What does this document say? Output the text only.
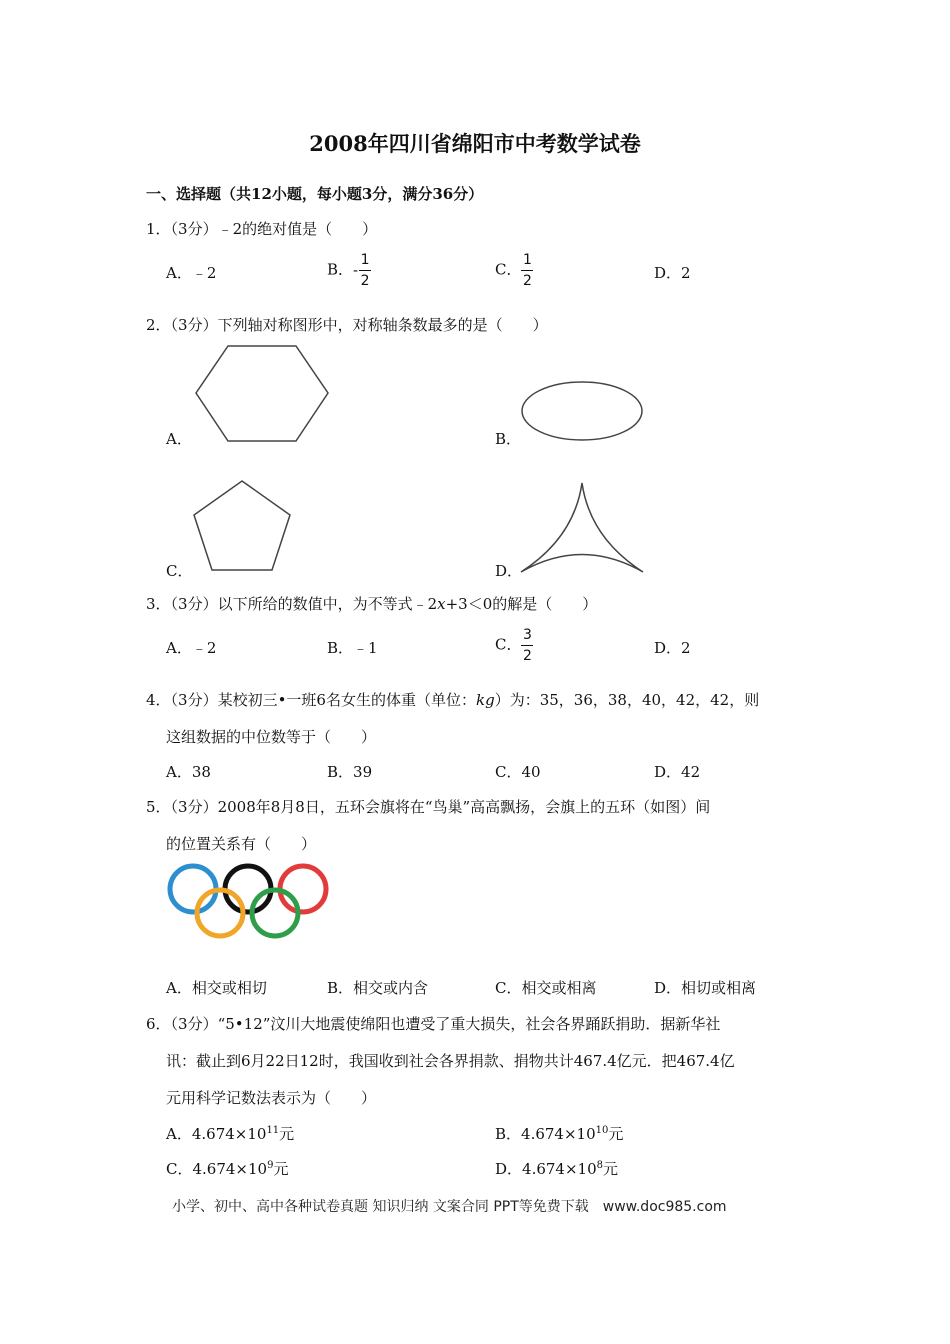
2008年四川省绵阳市中考数学试卷
一、选择题（共12小题，每小题3分，满分36分）
1．（3分）﹣2的绝对值是（　　）
A．﹣2	B．- $\frac{1}{2}$	C． $\frac{1}{2}$	D．2
2．（3分）下列轴对称图形中，对称轴条数最多的是（　　）
A．	B．
C．	D．
3．（3分）以下所给的数值中，为不等式﹣2x+3＜0的解是（　　）
A．﹣2	B．﹣1	C． $\frac{3}{2}$	D．2
4．（3分）某校初三•一班6名女生的体重（单位：kg）为：35，36，38，40，42，42，则
这组数据的中位数等于（　　）
A．38	B．39	C．40	D．42
5．（3分）2008年8月8日，五环会旗将在“鸟巢”高高飘扬，会旗上的五环（如图）间
的位置关系有（　　）
A．相交或相切	B．相交或内含	C．相交或相离	D．相切或相离
6．（3分）“5•12”汶川大地震使绵阳也遭受了重大损失，社会各界踊跃捐助．据新华社
讯：截止到6月22日12时，我国收到社会各界捐款、捐物共计467.4亿元．把467.4亿
元用科学记数法表示为（　　）
A．$4.674\times 10^{11}$元	B．$4.674\times 10^{10}$元
C．$4.674\times 10^9$元	D．$4.674\times 10^8$元
小学、初中、高中各种试卷真题 知识归纳 文案合同 PPT等免费下载　www.doc985.com
